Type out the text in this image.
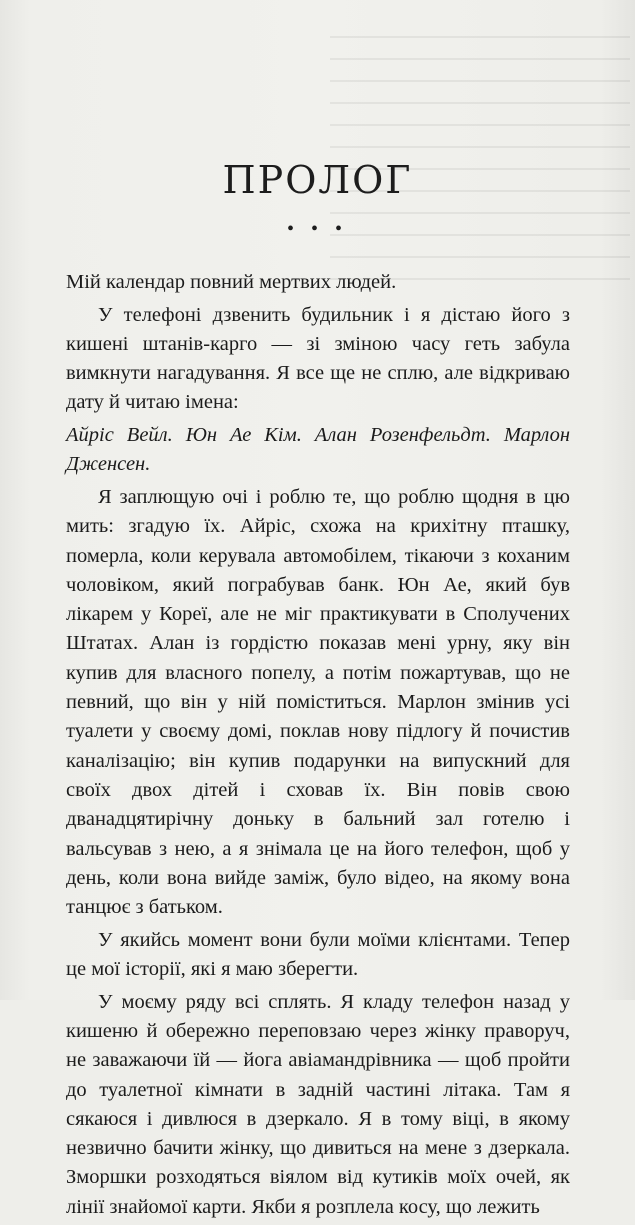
ПРОЛОГ
• • •

Мій календар повний мертвих людей.

У телефоні дзвенить будильник і я дістаю його з кишені штанів-карго — зі зміною часу геть забула вимкнути нагадування. Я все ще не сплю, але відкриваю дату й читаю імена:

Айріс Вейл. Юн Ае Кім. Алан Розенфельдт. Марлон Дженсен.

Я заплющую очі і роблю те, що роблю щодня в цю мить: згадую їх. Айріс, схожа на крихітну пташку, померла, коли керувала автомобілем, тікаючи з коханим чоловіком, який пограбував банк. Юн Ае, який був лікарем у Кореї, але не міг практикувати в Сполучених Штатах. Алан із гордістю показав мені урну, яку він купив для власного попелу, а потім пожартував, що не певний, що він у ній поміститься. Марлон змінив усі туалети у своєму домі, поклав нову підлогу й почистив каналізацію; він купив подарунки на випускний для своїх двох дітей і сховав їх. Він повів свою дванадцятирічну доньку в бальний зал готелю і вальсував з нею, а я знімала це на його телефон, щоб у день, коли вона вийде заміж, було відео, на якому вона танцює з батьком.

У якийсь момент вони були моїми клієнтами. Тепер це мої історії, які я маю зберегти.

У моєму ряду всі сплять. Я кладу телефон назад у кишеню й обережно переповзаю через жінку праворуч, не заважаючи їй — йога авіамандрівника — щоб пройти до туалетної кімнати в задній частині літака. Там я сякаюся і дивлюся в дзеркало. Я в тому віці, в якому незвично бачити жінку, що дивиться на мене з дзеркала. Зморшки розходяться віялом від кутиків моїх очей, як лінії знайомої карти. Якби я розплела косу, що лежить
